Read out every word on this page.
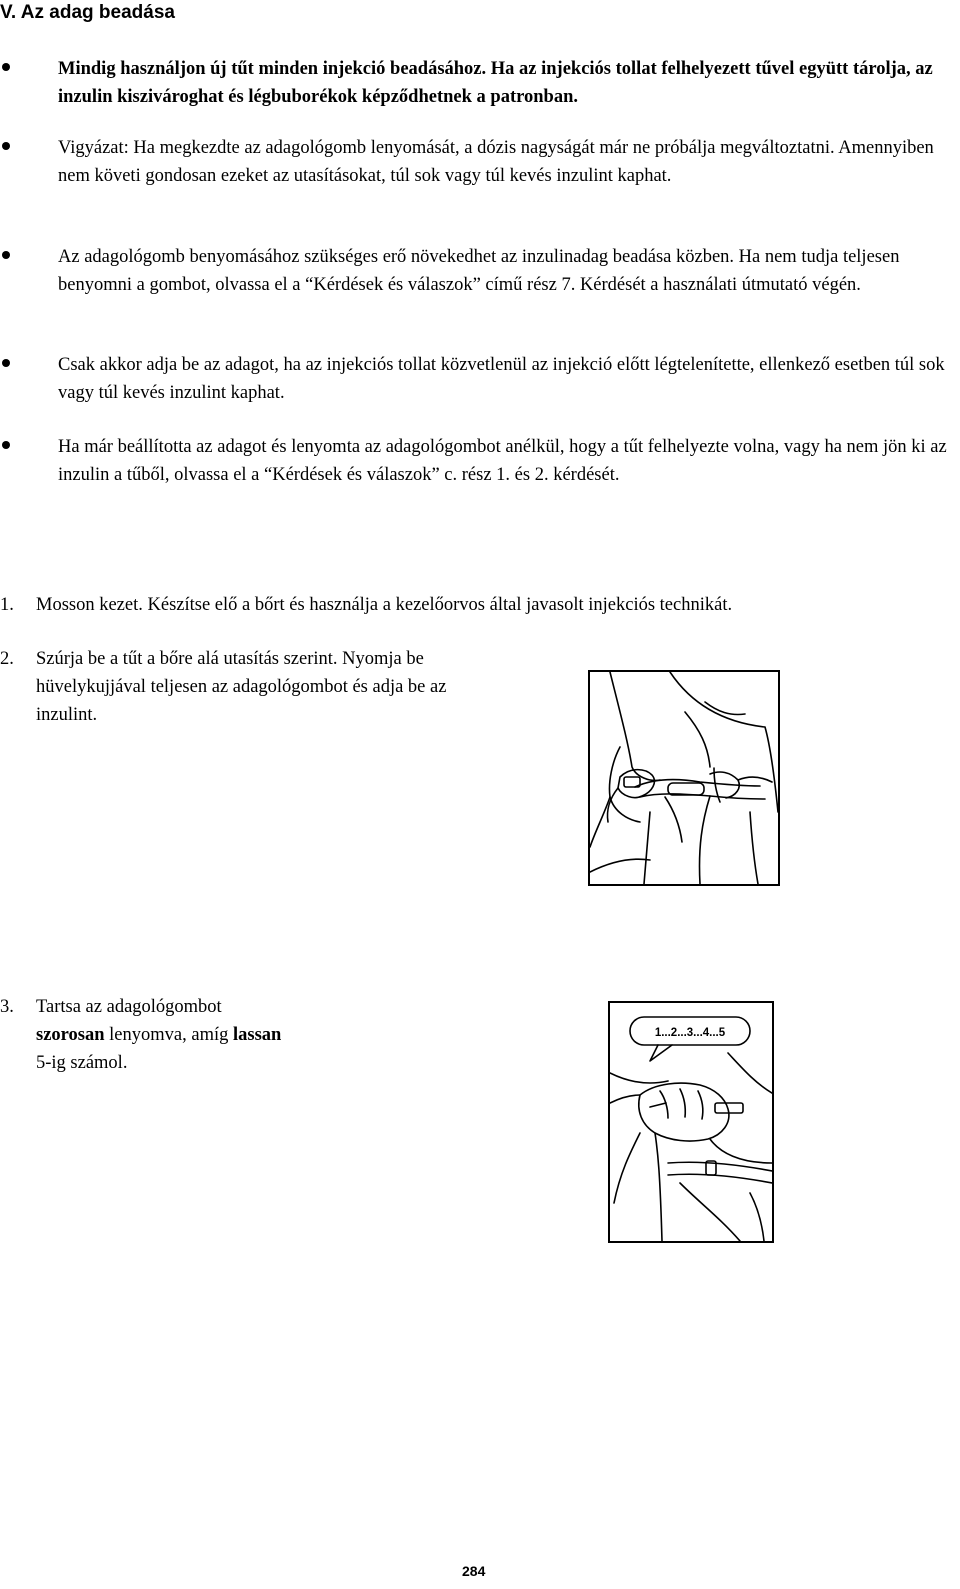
V. Az adag beadása
Mindig használjon új tűt minden injekció beadásához. Ha az injekciós tollat felhelyezett tűvel együtt tárolja, az inzulin kiszivároghat és légbuborékok képződhetnek a patronban.
Vigyázat: Ha megkezdte az adagológomb lenyomását, a dózis nagyságát már ne próbálja megváltoztatni. Amennyiben nem követi gondosan ezeket az utasításokat, túl sok vagy túl kevés inzulint kaphat.
Az adagológomb benyomásához szükséges erő növekedhet az inzulinadag beadása közben. Ha nem tudja teljesen benyomni a gombot, olvassa el a “Kérdések és válaszok” című rész 7. Kérdését a használati útmutató végén.
Csak akkor adja be az adagot, ha az injekciós tollat közvetlenül az injekció előtt légtelenítette, ellenkező esetben túl sok vagy túl kevés inzulint kaphat.
Ha már beállította az adagot és lenyomta az adagológombot anélkül, hogy a tűt felhelyezte volna, vagy ha nem jön ki az inzulin a tűből, olvassa el a “Kérdések és válaszok” c. rész 1. és 2. kérdését.
1. Mosson kezet. Készítse elő a bőrt és használja a kezelőorvos által javasolt injekciós technikát.
2. Szúrja be a tűt a bőre alá utasítás szerint. Nyomja be
hüvelykujjával teljesen az adagológombot és adja be az
inzulint.
3. Tartsa az adagológombot
szorosan lenyomva, amíg lassan
5-ig számol.
1...2...3...4...5
284
